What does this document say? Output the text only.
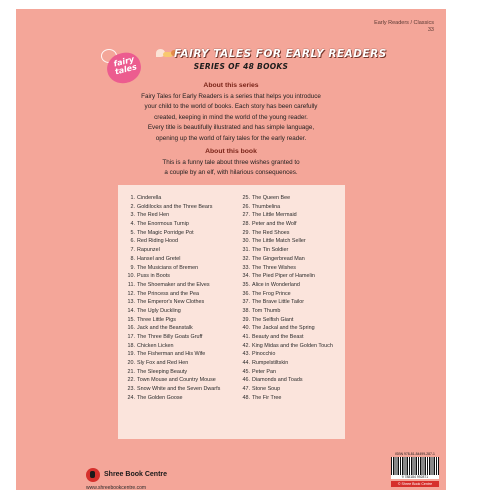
Early Readers / Classics
33
fairy tales
FAIRY TALES FOR EARLY READERS
SERIES OF 48 BOOKS
About this series
Fairy Tales for Early Readers is a series that helps you introduce
your child to the world of books. Each story has been carefully
created, keeping in mind the world of the young reader.
Every title is beautifully illustrated and has simple language,
opening up the world of fairy tales for the early reader.
About this book
This is a funny tale about three wishes granted to
a couple by an elf, with hilarious consequences.
1. Cinderella
2. Goldilocks and the Three Bears
3. The Red Hen
4. The Enormous Turnip
5. The Magic Porridge Pot
6. Red Riding Hood
7. Rapunzel
8. Hansel and Gretel
9. The Musicians of Bremen
10. Puss in Boots
11. The Shoemaker and the Elves
12. The Princess and the Pea
13. The Emperor's New Clothes
14. The Ugly Duckling
15. Three Little Pigs
16. Jack and the Beanstalk
17. The Three Billy Goats Gruff
18. Chicken Licken
19. The Fisherman and His Wife
20. Sly Fox and Red Hen
21. The Sleeping Beauty
22. Town Mouse and Country Mouse
23. Snow White and the Seven Dwarfs
24. The Golden Goose
25. The Queen Bee
26. Thumbelina
27. The Little Mermaid
28. Peter and the Wolf
29. The Red Shoes
30. The Little Match Seller
31. The Tin Soldier
32. The Gingerbread Man
33. The Three Wishes
34. The Pied Piper of Hamelin
35. Alice in Wonderland
36. The Frog Prince
37. The Brave Little Tailor
38. Tom Thumb
39. The Selfish Giant
40. The Jackal and the Spring
41. Beauty and the Beast
42. King Midas and the Golden Touch
43. Pinocchio
44. Rumpelstiltskin
45. Peter Pan
46. Diamonds and Toads
47. Stone Soup
48. The Fir Tree
Shree Book Centre
www.shreebookcentre.com
ISBN 978-81-84499-287-1
9 788184 992871
© Shree Book Centre
